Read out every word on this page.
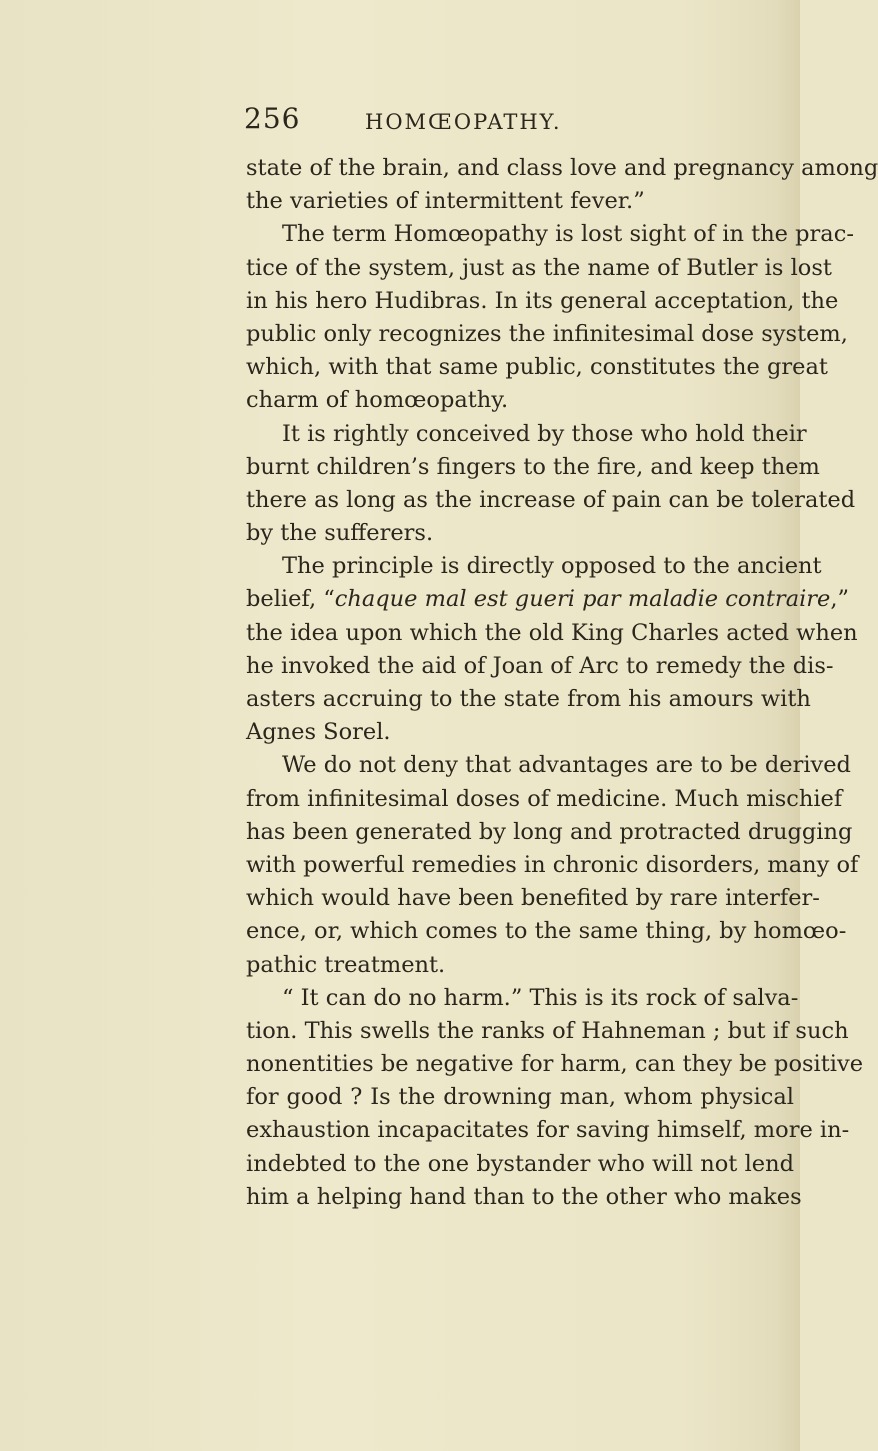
256	HOMŒOPATHY.
state of the brain, and class love and pregnancy among
the varieties of intermittent fever.”
The term Homœopathy is lost sight of in the prac-
tice of the system, just as the name of Butler is lost
in his hero Hudibras. In its general acceptation, the
public only recognizes the infinitesimal dose system,
which, with that same public, constitutes the great
charm of homœopathy.
It is rightly conceived by those who hold their
burnt children’s fingers to the fire, and keep them
there as long as the increase of pain can be tolerated
by the sufferers.
The principle is directly opposed to the ancient
belief, “chaque mal est gueri par maladie contraire,”
the idea upon which the old King Charles acted when
he invoked the aid of Joan of Arc to remedy the dis-
asters accruing to the state from his amours with
Agnes Sorel.
We do not deny that advantages are to be derived
from infinitesimal doses of medicine. Much mischief
has been generated by long and protracted drugging
with powerful remedies in chronic disorders, many of
which would have been benefited by rare interfer-
ence, or, which comes to the same thing, by homœo-
pathic treatment.
“ It can do no harm.” This is its rock of salva-
tion. This swells the ranks of Hahneman ; but if such
nonentities be negative for harm, can they be positive
for good ? Is the drowning man, whom physical
exhaustion incapacitates for saving himself, more in-
indebted to the one bystander who will not lend
him a helping hand than to the other who makes
